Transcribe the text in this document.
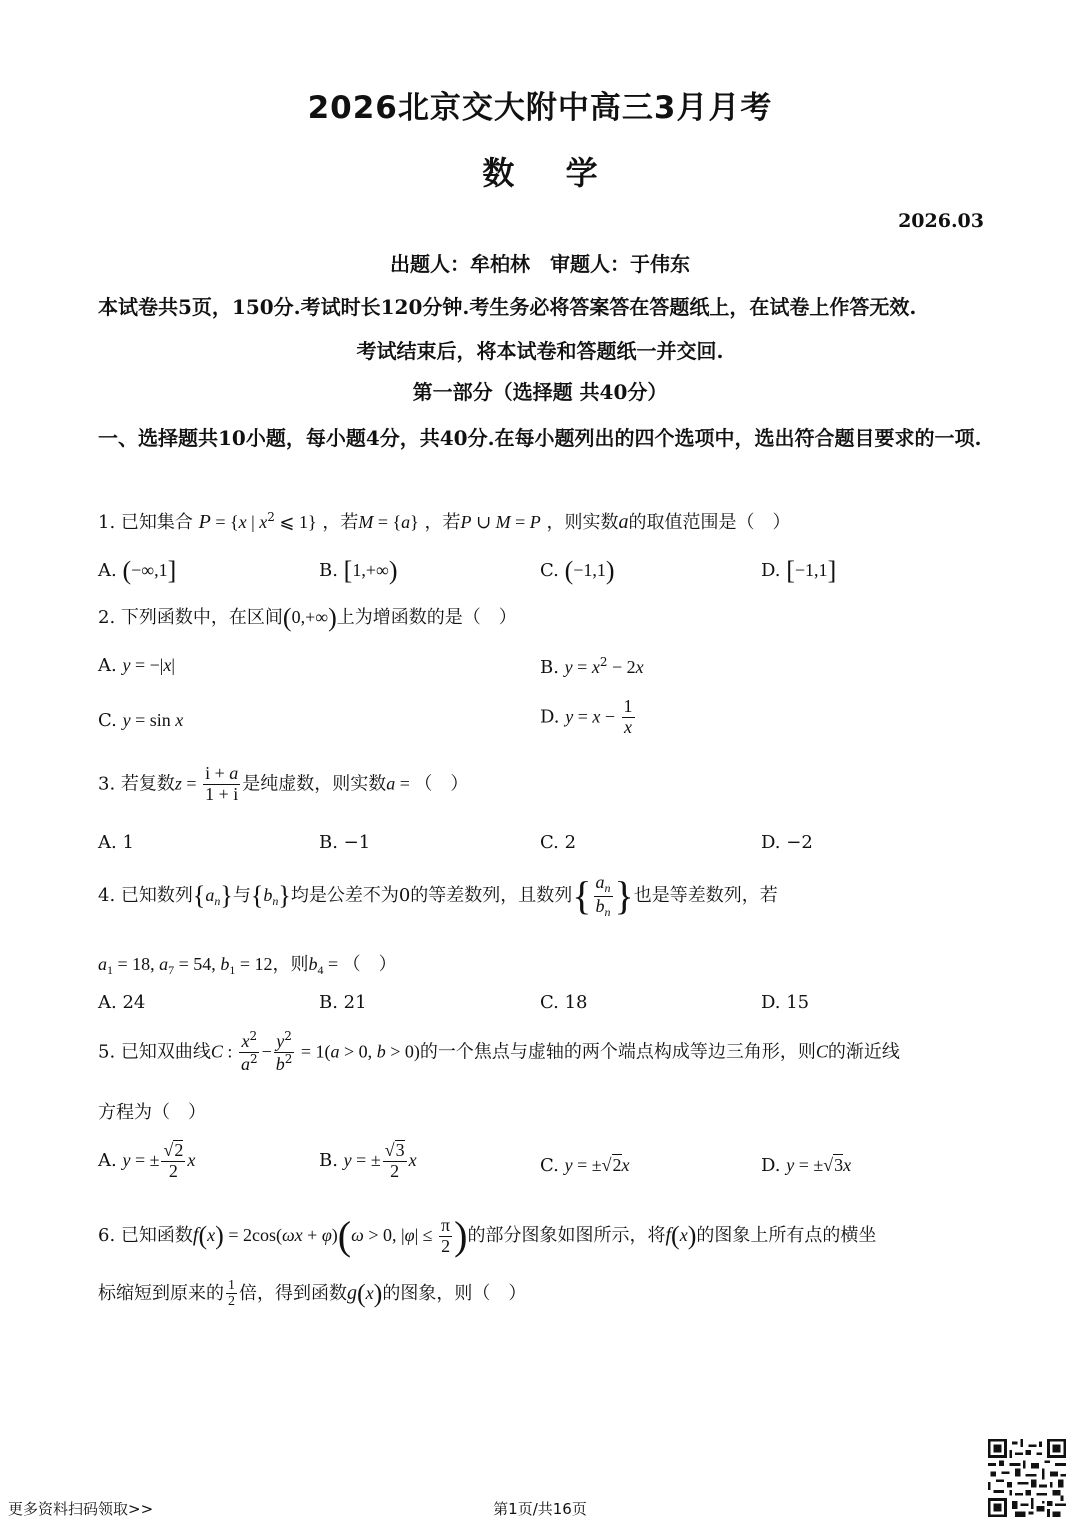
2026北京交大附中高三3月月考
数 学
2026.03
出题人：牟柏林　审题人：于伟东
本试卷共5页，150分.考试时长120分钟.考生务必将答案答在答题纸上，在试卷上作答无效.
考试结束后，将本试卷和答题纸一并交回.
第一部分（选择题 共40分）
一、选择题共10小题，每小题4分，共40分.在每小题列出的四个选项中，选出符合题目要求的一项.
1. 已知集合 P = {x | $x^2$ ⩽ 1} ，若M = {a} ，若P ∪ M = P ，则实数a的取值范围是（　）
A. (−∞,1]	B. [1,+∞)	C. (−1,1)	D. [−1,1]
2. 下列函数中，在区间(0,+∞)上为增函数的是（　）
A. y = −|x|	B. $y = x^2 - 2x$
C. y = sin x	D. $y = x - \frac{1}{x}$
3. 若复数$z = \frac{i + a}{1 + i}$ 是纯虚数，则实数a = （　）
A. 1	B. −1	C. 2	D. −2
4. 已知数列$\{a_n\}$与$\{b_n\}$均是公差不为0的等差数列，且数列{ $\frac{a_n}{b_n}$ }也是等差数列，若
$a_1 = 18$, $a_7 = 54$, $b_1 = 12$，则$b_4$ = （　）
A. 24	B. 21	C. 18	D. 15
5. 已知双曲线C : $\frac{x^2}{a^2} - \frac{y^2}{b^2} = 1(a > 0$, b > 0)的一个焦点与虚轴的两个端点构成等边三角形，则C的渐近线
方程为（　）
A. y = ± $\frac{√2}{2}$ x	B. y = ± $\frac{√3}{2}$ x	C. y = ±√2x	D. y = ±√3x
6. 已知函数f(x) = 2cos(ωx + φ)(ω > 0, $|\varphi| \le \frac{\pi}{2}$ )的部分图象如图所示，将f(x)的图象上所有点的横坐
标缩短到原来的 $\frac{1}{2}$ 倍，得到函数g(x)的图象，则（　）
更多资料扫码领取>>	第1页/共16页
